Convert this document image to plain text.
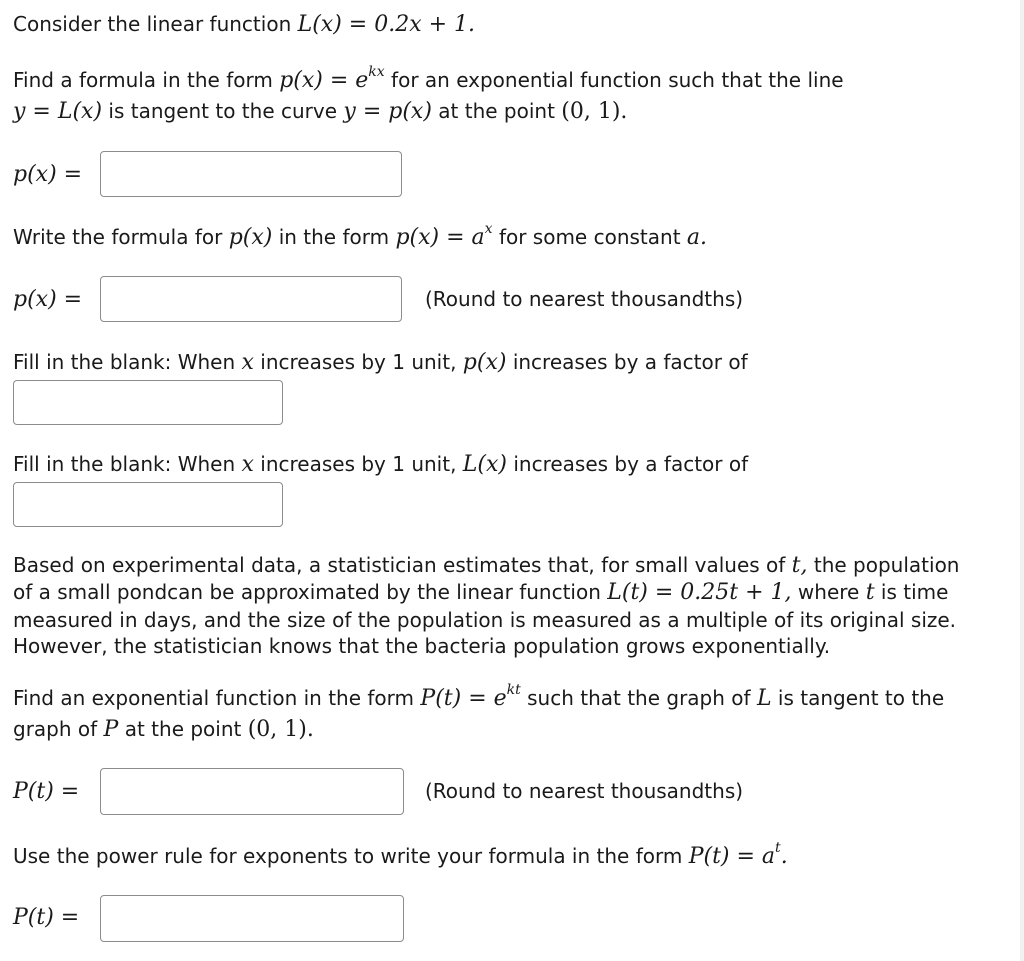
Consider the linear function L(x) = 0.2x + 1.

Find a formula in the form $p(x) = e^{kx}$ for an exponential function such that the line

y = L(x) is tangent to the curve y = p(x) at the point (0, 1).

p(x) =

Write the formula for p(x) in the form $p(x) = a^x$ for some constant a.

p(x) =	(Round to nearest thousandths)

Fill in the blank: When x increases by 1 unit, p(x) increases by a factor of

Fill in the blank: When x increases by 1 unit, L(x) increases by a factor of

Based on experimental data, a statistician estimates that, for small values of t, the population

of a small pondcan be approximated by the linear function L(t) = 0.25t + 1, where t is time

measured in days, and the size of the population is measured as a multiple of its original size.

However, the statistician knows that the bacteria population grows exponentially.

Find an exponential function in the form $P(t) = e^{kt}$ such that the graph of L is tangent to the

graph of P at the point (0, 1).

P(t) =	(Round to nearest thousandths)

Use the power rule for exponents to write your formula in the form $P(t) = a^t$.

P(t) =
